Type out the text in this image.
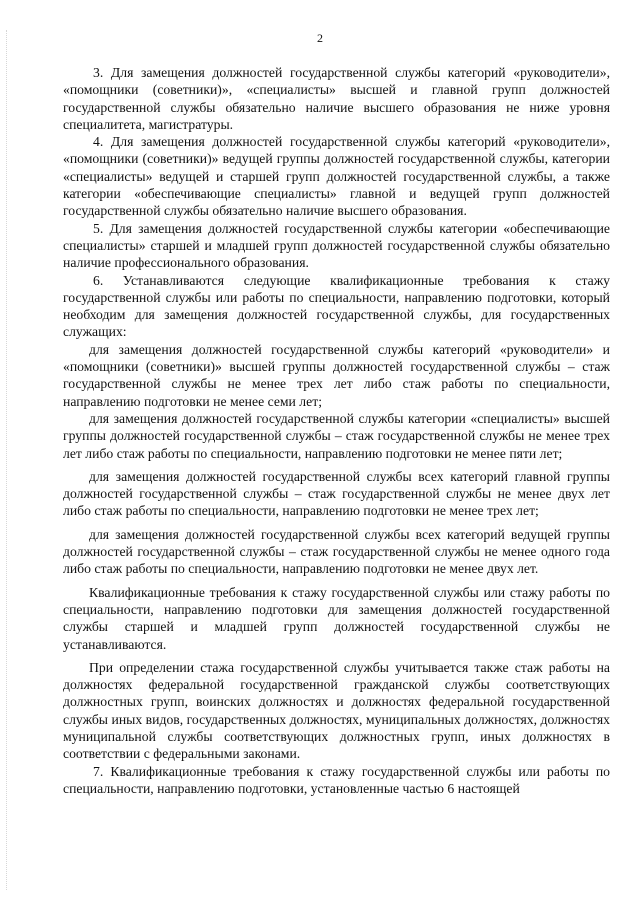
2

3. Для замещения должностей государственной службы категорий «руководители», «помощники (советники)», «специалисты» высшей и главной групп должностей государственной службы обязательно наличие высшего образования не ниже уровня специалитета, магистратуры.

4. Для замещения должностей государственной службы категорий «руководители», «помощники (советники)» ведущей группы должностей государственной службы, категории «специалисты» ведущей и старшей групп должностей государственной службы, а также категории «обеспечивающие специалисты» главной и ведущей групп должностей государственной службы обязательно наличие высшего образования.

5. Для замещения должностей государственной службы категории «обеспечивающие специалисты» старшей и младшей групп должностей государственной службы обязательно наличие профессионального образования.

6. Устанавливаются следующие квалификационные требования к стажу государственной службы или работы по специальности, направлению подготовки, который необходим для замещения должностей государственной службы, для государственных служащих:

для замещения должностей государственной службы категорий «руководители» и «помощники (советники)» высшей группы должностей государственной службы – стаж государственной службы не менее трех лет либо стаж работы по специальности, направлению подготовки не менее семи лет;

для замещения должностей государственной службы категории «специалисты» высшей группы должностей государственной службы – стаж государственной службы не менее трех лет либо стаж работы по специальности, направлению подготовки не менее пяти лет;

для замещения должностей государственной службы всех категорий главной группы должностей государственной службы – стаж государственной службы не менее двух лет либо стаж работы по специальности, направлению подготовки не менее трех лет;

для замещения должностей государственной службы всех категорий ведущей группы должностей государственной службы – стаж государственной службы не менее одного года либо стаж работы по специальности, направлению подготовки не менее двух лет.

Квалификационные требования к стажу государственной службы или стажу работы по специальности, направлению подготовки для замещения должностей государственной службы старшей и младшей групп должностей государственной службы не устанавливаются.

При определении стажа государственной службы учитывается также стаж работы на должностях федеральной государственной гражданской службы соответствующих должностных групп, воинских должностях и должностях федеральной государственной службы иных видов, государственных должностях, муниципальных должностях, должностях муниципальной службы соответствующих должностных групп, иных должностях в соответствии с федеральными законами.

7. Квалификационные требования к стажу государственной службы или работы по специальности, направлению подготовки, установленные частью 6 настоящей
